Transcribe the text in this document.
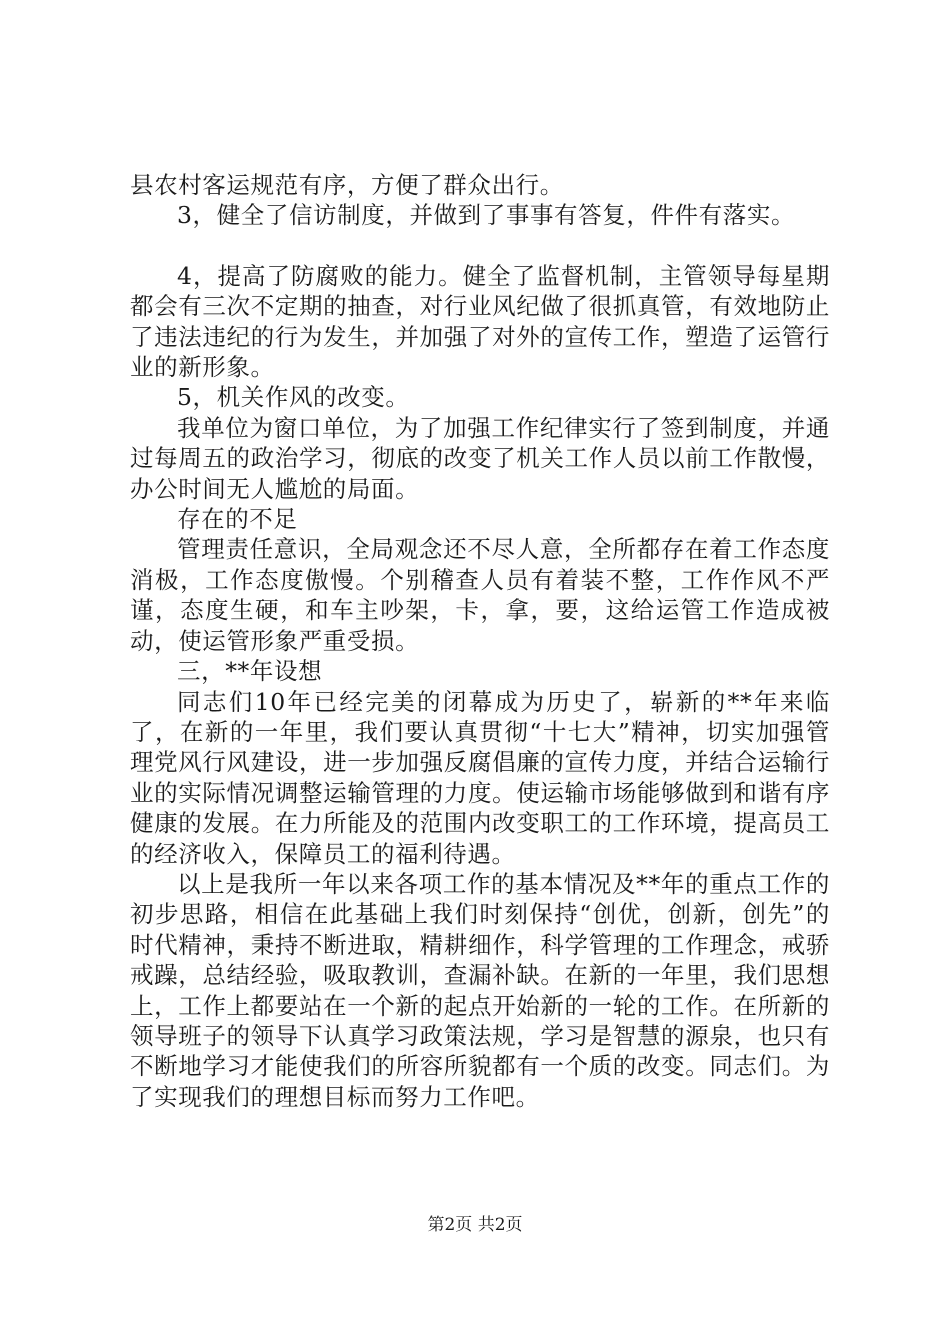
县农村客运规范有序，方便了群众出行。

3，健全了信访制度，并做到了事事有答复，件件有落实。

4，提高了防腐败的能力。健全了监督机制，主管领导每星期都会有三次不定期的抽查，对行业风纪做了很抓真管，有效地防止了违法违纪的行为发生，并加强了对外的宣传工作，塑造了运管行业的新形象。

5，机关作风的改变。

我单位为窗口单位，为了加强工作纪律实行了签到制度，并通过每周五的政治学习，彻底的改变了机关工作人员以前工作散慢，办公时间无人尴尬的局面。

存在的不足

管理责任意识，全局观念还不尽人意，全所都存在着工作态度消极，工作态度傲慢。个别稽查人员有着装不整，工作作风不严谨，态度生硬，和车主吵架，卡，拿，要，这给运管工作造成被动，使运管形象严重受损。

三，**年设想

同志们10年已经完美的闭幕成为历史了，崭新的**年来临了，在新的一年里，我们要认真贯彻“十七大”精神，切实加强管理党风行风建设，进一步加强反腐倡廉的宣传力度，并结合运输行业的实际情况调整运输管理的力度。使运输市场能够做到和谐有序健康的发展。在力所能及的范围内改变职工的工作环境，提高员工的经济收入，保障员工的福利待遇。

以上是我所一年以来各项工作的基本情况及**年的重点工作的初步思路，相信在此基础上我们时刻保持“创优，创新，创先”的时代精神，秉持不断进取，精耕细作，科学管理的工作理念，戒骄戒躁，总结经验，吸取教训，查漏补缺。在新的一年里，我们思想上，工作上都要站在一个新的起点开始新的一轮的工作。在所新的领导班子的领导下认真学习政策法规，学习是智慧的源泉，也只有不断地学习才能使我们的所容所貌都有一个质的改变。同志们。为了实现我们的理想目标而努力工作吧。

第2页 共2页
